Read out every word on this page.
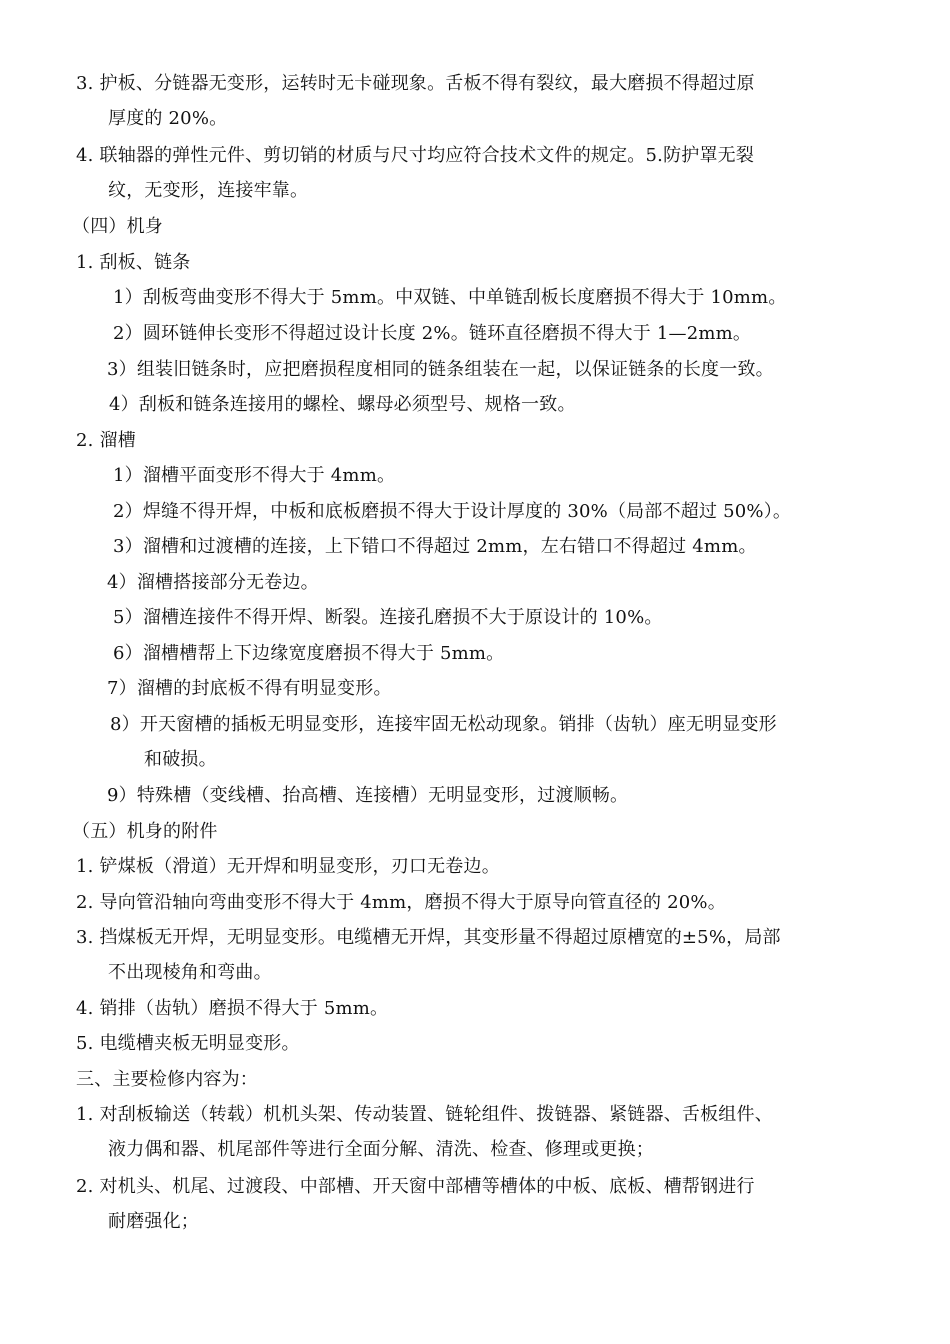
3. 护板、分链器无变形，运转时无卡碰现象。舌板不得有裂纹，最大磨损不得超过原
厚度的 20%。
4. 联轴器的弹性元件、剪切销的材质与尺寸均应符合技术文件的规定。5.防护罩无裂
纹，无变形，连接牢靠。
（四）机身
1. 刮板、链条
1）刮板弯曲变形不得大于 5mm。中双链、中单链刮板长度磨损不得大于 10mm。
2）圆环链伸长变形不得超过设计长度 2%。链环直径磨损不得大于 1—2mm。
3）组装旧链条时，应把磨损程度相同的链条组装在一起，以保证链条的长度一致。
4）刮板和链条连接用的螺栓、螺母必须型号、规格一致。
2. 溜槽
1）溜槽平面变形不得大于 4mm。
2）焊缝不得开焊，中板和底板磨损不得大于设计厚度的 30%（局部不超过 50%）。
3）溜槽和过渡槽的连接，上下错口不得超过 2mm，左右错口不得超过 4mm。
4）溜槽搭接部分无卷边。
5）溜槽连接件不得开焊、断裂。连接孔磨损不大于原设计的 10%。
6）溜槽槽帮上下边缘宽度磨损不得大于 5mm。
7）溜槽的封底板不得有明显变形。
8）开天窗槽的插板无明显变形，连接牢固无松动现象。销排（齿轨）座无明显变形
和破损。
9）特殊槽（变线槽、抬高槽、连接槽）无明显变形，过渡顺畅。
（五）机身的附件
1. 铲煤板（滑道）无开焊和明显变形，刃口无卷边。
2. 导向管沿轴向弯曲变形不得大于 4mm，磨损不得大于原导向管直径的 20%。
3. 挡煤板无开焊，无明显变形。电缆槽无开焊，其变形量不得超过原槽宽的±5%，局部
不出现棱角和弯曲。
4. 销排（齿轨）磨损不得大于 5mm。
5. 电缆槽夹板无明显变形。
三、主要检修内容为：
1. 对刮板输送（转载）机机头架、传动装置、链轮组件、拨链器、紧链器、舌板组件、
液力偶和器、机尾部件等进行全面分解、清洗、检查、修理或更换；
2. 对机头、机尾、过渡段、中部槽、开天窗中部槽等槽体的中板、底板、槽帮钢进行
耐磨强化；
